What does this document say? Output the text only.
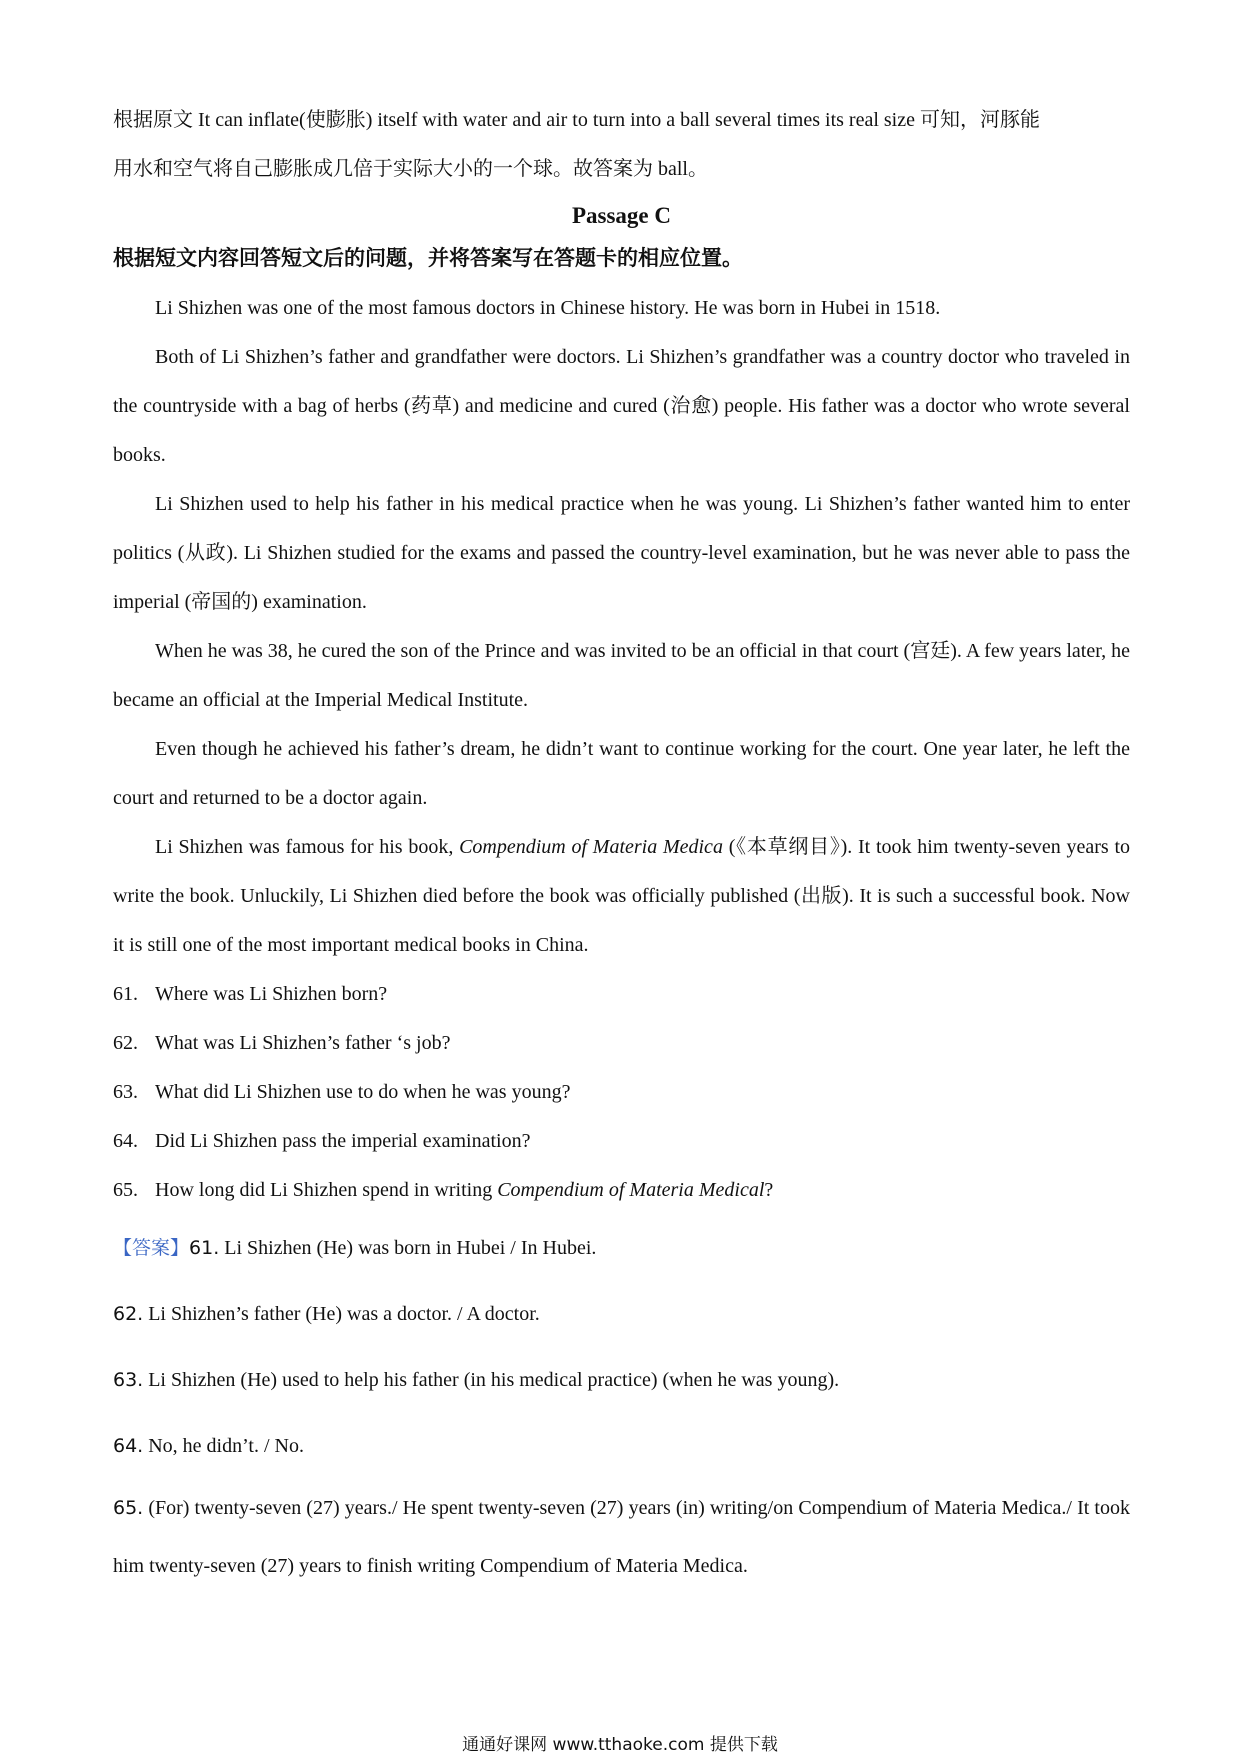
根据原文 It can inflate(使膨胀) itself with water and air to turn into a ball several times its real size 可知，河豚能
用水和空气将自己膨胀成几倍于实际大小的一个球。故答案为 ball。
Passage C
根据短文内容回答短文后的问题，并将答案写在答题卡的相应位置。
Li Shizhen was one of the most famous doctors in Chinese history. He was born in Hubei in 1518.
Both of Li Shizhen’s father and grandfather were doctors. Li Shizhen’s grandfather was a country doctor who traveled in the countryside with a bag of herbs (药草) and medicine and cured (治愈) people. His father was a doctor who wrote several books.
Li Shizhen used to help his father in his medical practice when he was young. Li Shizhen’s father wanted him to enter politics (从政). Li Shizhen studied for the exams and passed the country-level examination, but he was never able to pass the imperial (帝国的) examination.
When he was 38, he cured the son of the Prince and was invited to be an official in that court (宫廷). A few years later, he became an official at the Imperial Medical Institute.
Even though he achieved his father’s dream, he didn’t want to continue working for the court. One year later, he left the court and returned to be a doctor again.
Li Shizhen was famous for his book, Compendium of Materia Medica (《本草纲目》). It took him twenty-seven years to write the book. Unluckily, Li Shizhen died before the book was officially published (出版). It is such a successful book. Now it is still one of the most important medical books in China.
61. Where was Li Shizhen born?
62. What was Li Shizhen’s father ‘s job?
63. What did Li Shizhen use to do when he was young?
64. Did Li Shizhen pass the imperial examination?
65. How long did Li Shizhen spend in writing Compendium of Materia Medical?
【答案】61. Li Shizhen (He) was born in Hubei / In Hubei.
62. Li Shizhen’s father (He) was a doctor. / A doctor.
63. Li Shizhen (He) used to help his father (in his medical practice) (when he was young).
64. No, he didn’t. / No.
65. (For) twenty-seven (27) years./ He spent twenty-seven (27) years (in) writing/on Compendium of Materia Medica./ It took him twenty-seven (27) years to finish writing Compendium of Materia Medica.
通通好课网 www.tthaoke.com 提供下载
